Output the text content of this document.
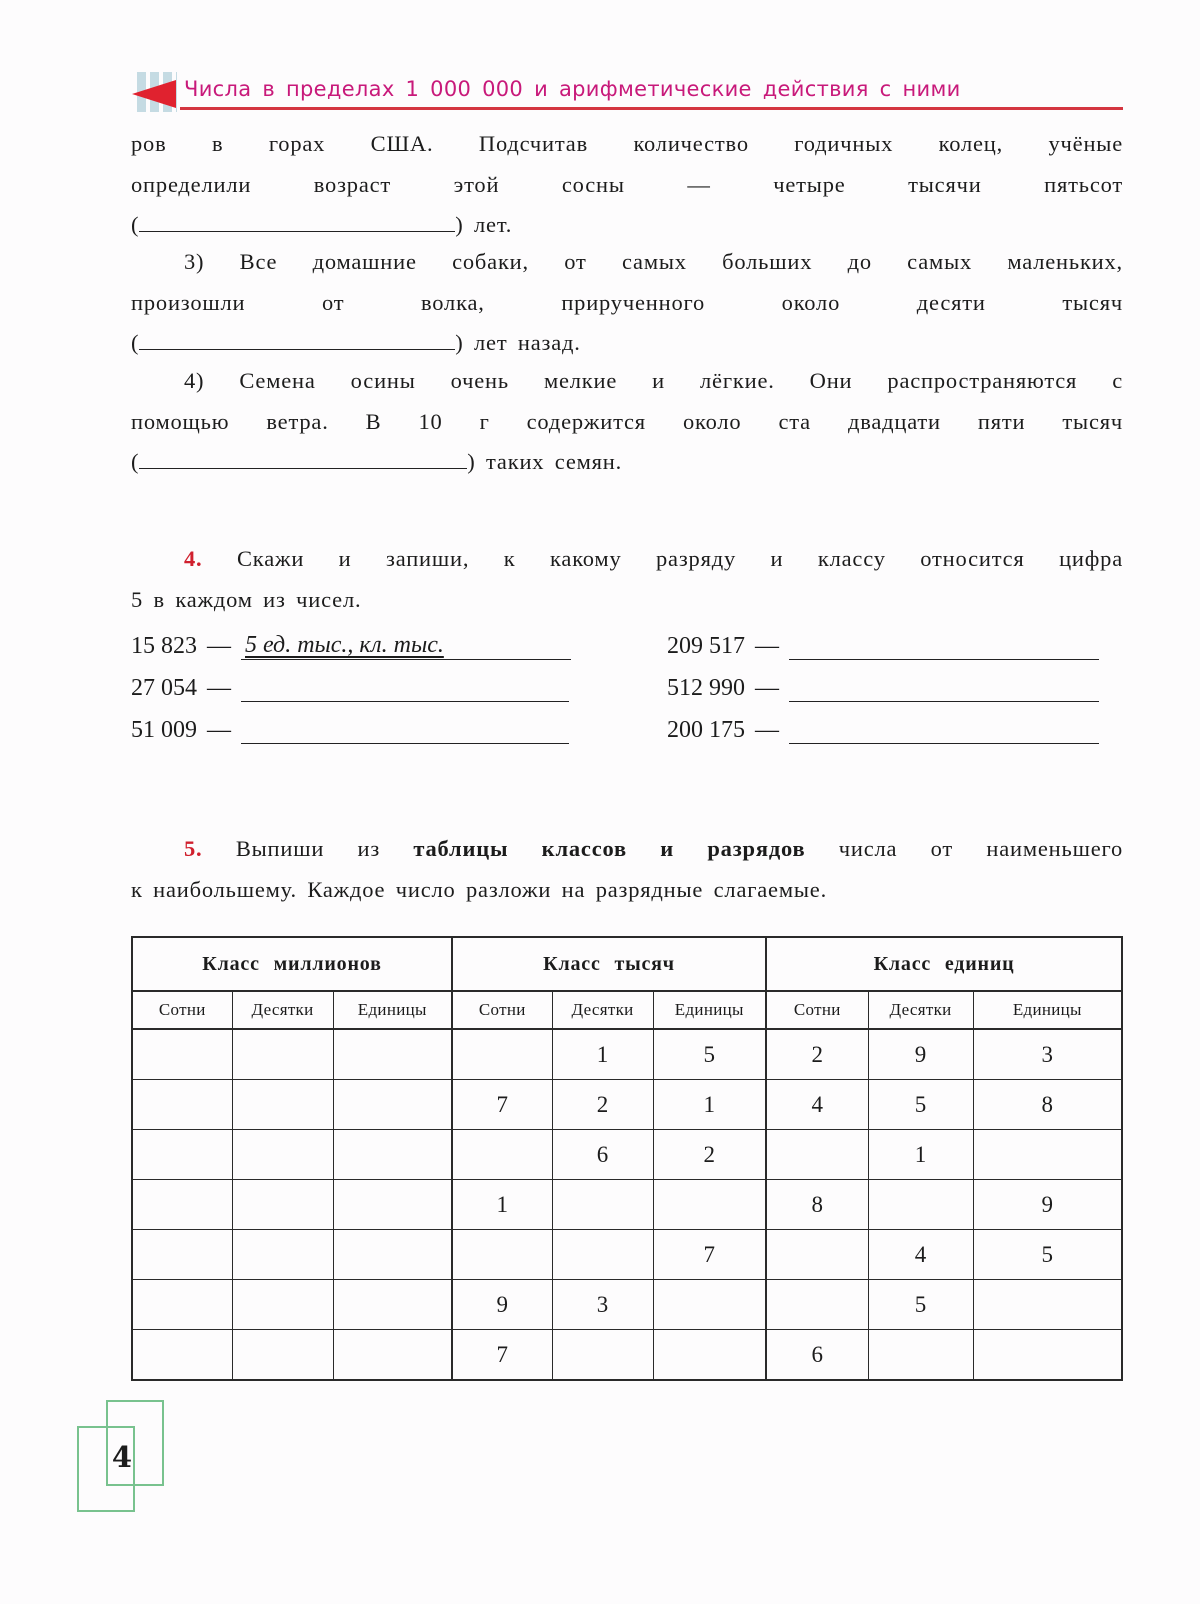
Числа в пределах 1 000 000 и арифметические действия с ними
ров в горах США. Подсчитав количество годичных колец, учёные
определили возраст этой сосны — четыре тысячи пятьсот
(	) лет.
3) Все домашние собаки, от самых больших до самых маленьких,
произошли от волка, прирученного около десяти тысяч
(	) лет назад.
4) Семена осины очень мелкие и лёгкие. Они распространяются с
помощью ветра. В 10 г содержится около ста двадцати пяти тысяч
(	) таких семян.
4. Скажи и запиши, к какому разряду и классу относится цифра
5 в каждом из чисел.
15 823 — 5 ед. тыс., кл. тыс.
27 054 —
51 009 —
209 517 —
512 990 —
200 175 —
5. Выпиши из таблицы классов и разрядов числа от наименьшего
к наибольшему. Каждое число разложи на разрядные слагаемые.
Класс миллионов			Класс тысяч			Класс единиц		
Сотни	Десятки	Единицы	Сотни	Десятки	Единицы	Сотни	Десятки	Единицы
				1	5	2	9	3
			7	2	1	4	5	8
				6	2		1	
			1			8		9
					7		4	5
			9	3			5	
			7			6		
4
